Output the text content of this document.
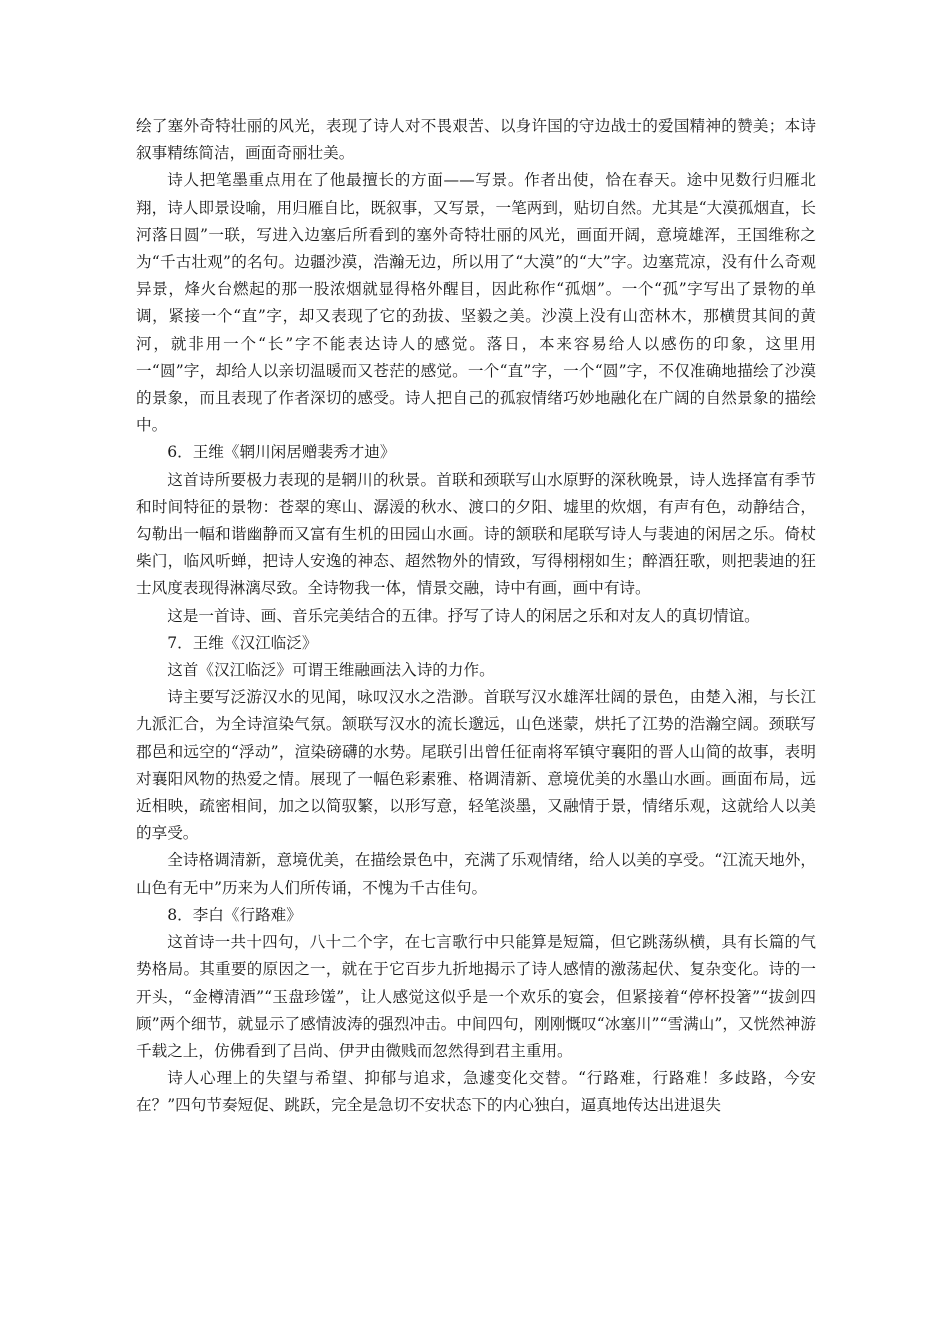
绘了塞外奇特壮丽的风光，表现了诗人对不畏艰苦、以身许国的守边战士的爱国精神的赞美；本诗叙事精练简洁，画面奇丽壮美。

诗人把笔墨重点用在了他最擅长的方面——写景。作者出使，恰在春天。途中见数行归雁北翔，诗人即景设喻，用归雁自比，既叙事，又写景，一笔两到，贴切自然。尤其是“大漠孤烟直，长河落日圆”一联，写进入边塞后所看到的塞外奇特壮丽的风光，画面开阔，意境雄浑，王国维称之为“千古壮观”的名句。边疆沙漠，浩瀚无边，所以用了“大漠”的“大”字。边塞荒凉，没有什么奇观异景，烽火台燃起的那一股浓烟就显得格外醒目，因此称作“孤烟”。一个“孤”字写出了景物的单调，紧接一个“直”字，却又表现了它的劲拔、坚毅之美。沙漠上没有山峦林木，那横贯其间的黄河，就非用一个“长”字不能表达诗人的感觉。落日，本来容易给人以感伤的印象，这里用一“圆”字，却给人以亲切温暖而又苍茫的感觉。一个“直”字，一个“圆”字，不仅准确地描绘了沙漠的景象，而且表现了作者深切的感受。诗人把自己的孤寂情绪巧妙地融化在广阔的自然景象的描绘中。

6．王维《辋川闲居赠裴秀才迪》

这首诗所要极力表现的是辋川的秋景。首联和颈联写山水原野的深秋晚景，诗人选择富有季节和时间特征的景物：苍翠的寒山、潺湲的秋水、渡口的夕阳、墟里的炊烟，有声有色，动静结合，勾勒出一幅和谐幽静而又富有生机的田园山水画。诗的颔联和尾联写诗人与裴迪的闲居之乐。倚杖柴门，临风听蝉，把诗人安逸的神态、超然物外的情致，写得栩栩如生；醉酒狂歌，则把裴迪的狂士风度表现得淋漓尽致。全诗物我一体，情景交融，诗中有画，画中有诗。

这是一首诗、画、音乐完美结合的五律。抒写了诗人的闲居之乐和对友人的真切情谊。

7．王维《汉江临泛》

这首《汉江临泛》可谓王维融画法入诗的力作。

诗主要写泛游汉水的见闻，咏叹汉水之浩渺。首联写汉水雄浑壮阔的景色，由楚入湘，与长江九派汇合，为全诗渲染气氛。颔联写汉水的流长邈远，山色迷蒙，烘托了江势的浩瀚空阔。颈联写郡邑和远空的“浮动”，渲染磅礴的水势。尾联引出曾任征南将军镇守襄阳的晋人山简的故事，表明对襄阳风物的热爱之情。展现了一幅色彩素雅、格调清新、意境优美的水墨山水画。画面布局，远近相映，疏密相间，加之以简驭繁，以形写意，轻笔淡墨，又融情于景，情绪乐观，这就给人以美的享受。

全诗格调清新，意境优美，在描绘景色中，充满了乐观情绪，给人以美的享受。“江流天地外，山色有无中”历来为人们所传诵，不愧为千古佳句。

8．李白《行路难》

这首诗一共十四句，八十二个字，在七言歌行中只能算是短篇，但它跳荡纵横，具有长篇的气势格局。其重要的原因之一，就在于它百步九折地揭示了诗人感情的激荡起伏、复杂变化。诗的一开头，“金樽清酒”“玉盘珍馐”，让人感觉这似乎是一个欢乐的宴会，但紧接着“停杯投箸”“拔剑四顾”两个细节，就显示了感情波涛的强烈冲击。中间四句，刚刚慨叹“冰塞川”“雪满山”，又恍然神游千载之上，仿佛看到了吕尚、伊尹由微贱而忽然得到君主重用。

诗人心理上的失望与希望、抑郁与追求，急遽变化交替。“行路难，行路难！多歧路，今安在？”四句节奏短促、跳跃，完全是急切不安状态下的内心独白，逼真地传达出进退失
